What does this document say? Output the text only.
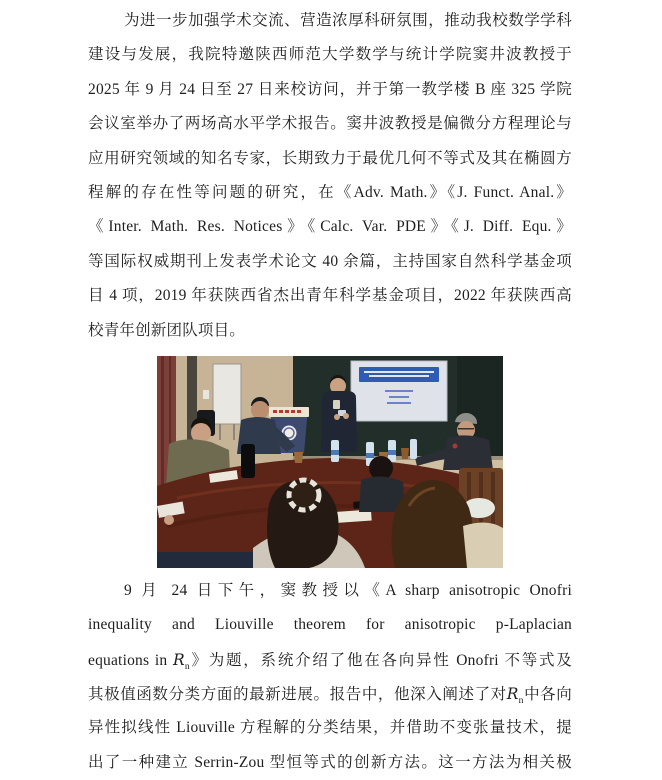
为进一步加强学术交流、营造浓厚科研氛围，推动我校数学学科
建设与发展，我院特邀陕西师范大学数学与统计学院窦井波教授于
2025 年 9 月 24 日至 27 日来校访问，并于第一教学楼 B 座 325 学院
会议室举办了两场高水平学术报告。窦井波教授是偏微分方程理论与
应用研究领域的知名专家，长期致力于最优几何不等式及其在椭圆方
程解的存在性等问题的研究，在《Adv. Math.》《J. Funct. Anal.》
《Inter. Math. Res. Notices》《Calc. Var. PDE》《J. Diff. Equ.》
等国际权威期刊上发表学术论文 40 余篇，主持国家自然科学基金项
目 4 项，2019 年获陕西省杰出青年科学基金项目，2022 年获陕西高
校青年创新团队项目。
9 月 24 日下午，窦教授以《A sharp anisotropic Onofri
inequality and Liouville theorem for anisotropic p-Laplacian
equations in $R_n$》为题，系统介绍了他在各向异性 Onofri 不等式及
其极值函数分类方面的最新进展。报告中，他深入阐述了对$R_n$中各向
异性拟线性 Liouville 方程解的分类结果，并借助不变张量技术，提
出了一种建立 Serrin-Zou 型恒等式的创新方法。这一方法为相关极
